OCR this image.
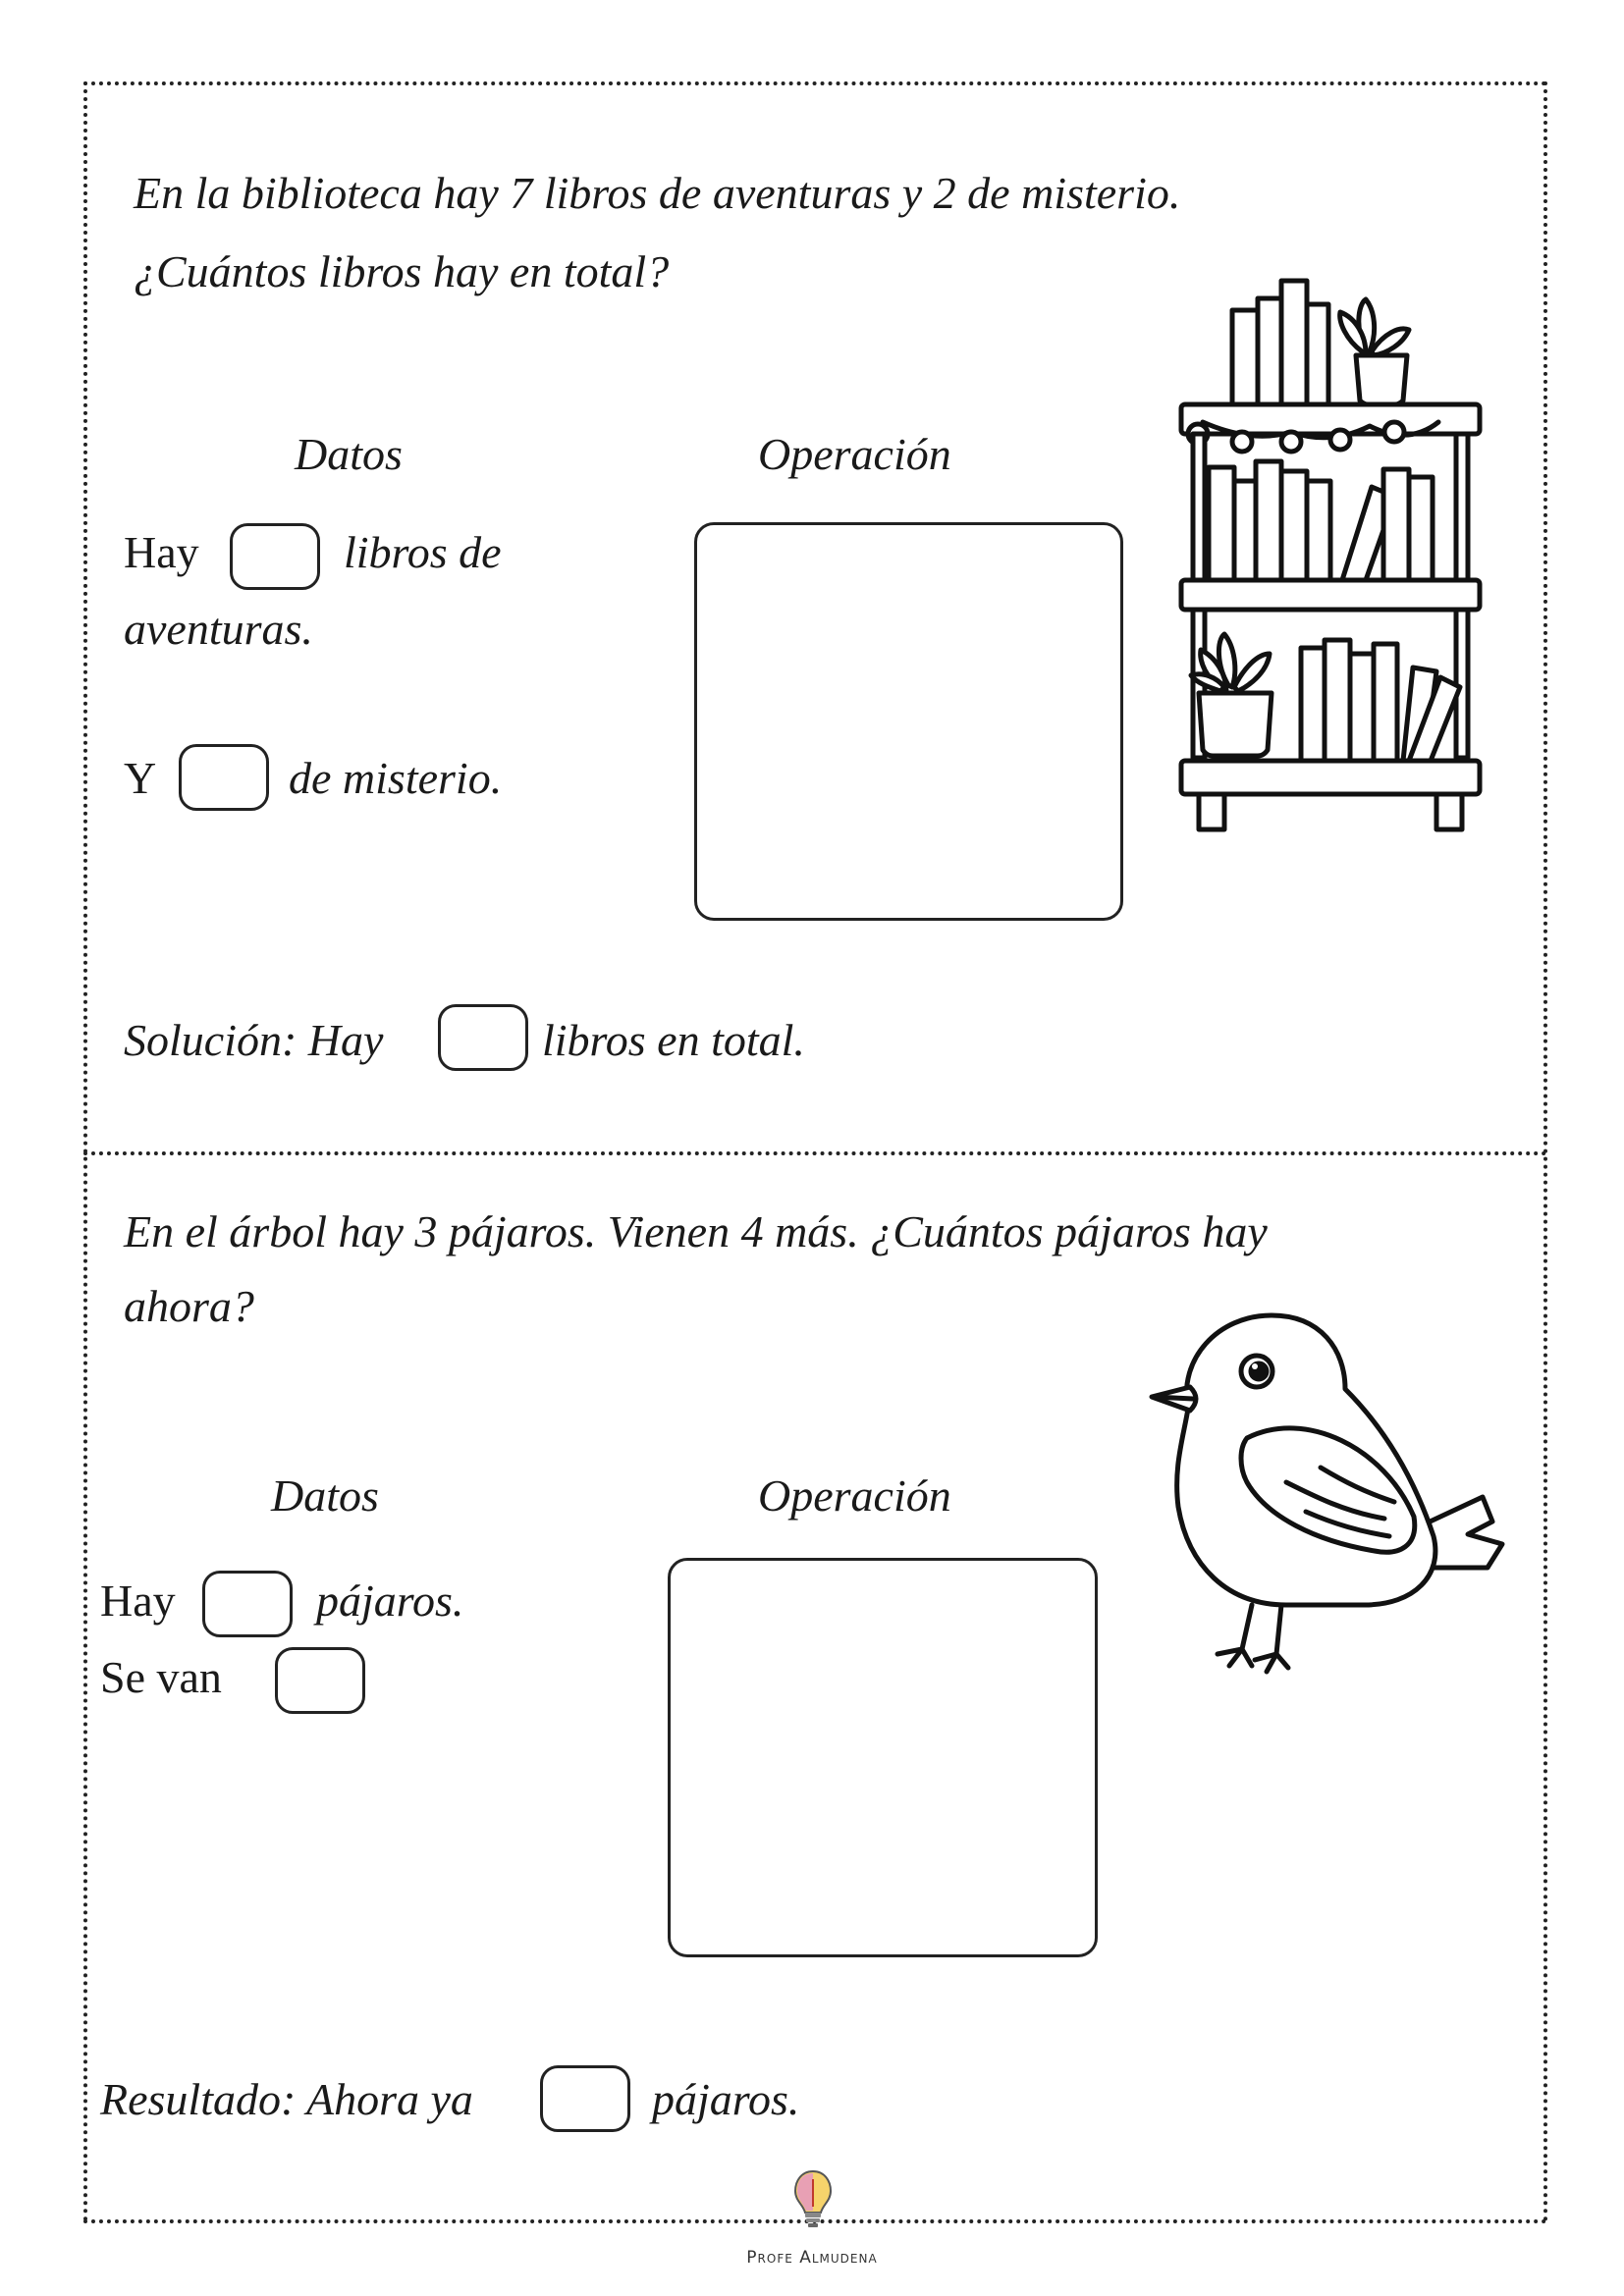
En la biblioteca hay 7 libros de aventuras y 2 de misterio.
¿Cuántos libros hay en total?
Datos	Operación
Hay	libros de
aventuras.
Y	de misterio.
Solución: Hay	libros en total.
En el árbol hay 3 pájaros. Vienen 4 más. ¿Cuántos pájaros hay
ahora?
Datos	Operación
Hay	pájaros.
Se van
Resultado: Ahora ya	pájaros.
Profe Almudena
